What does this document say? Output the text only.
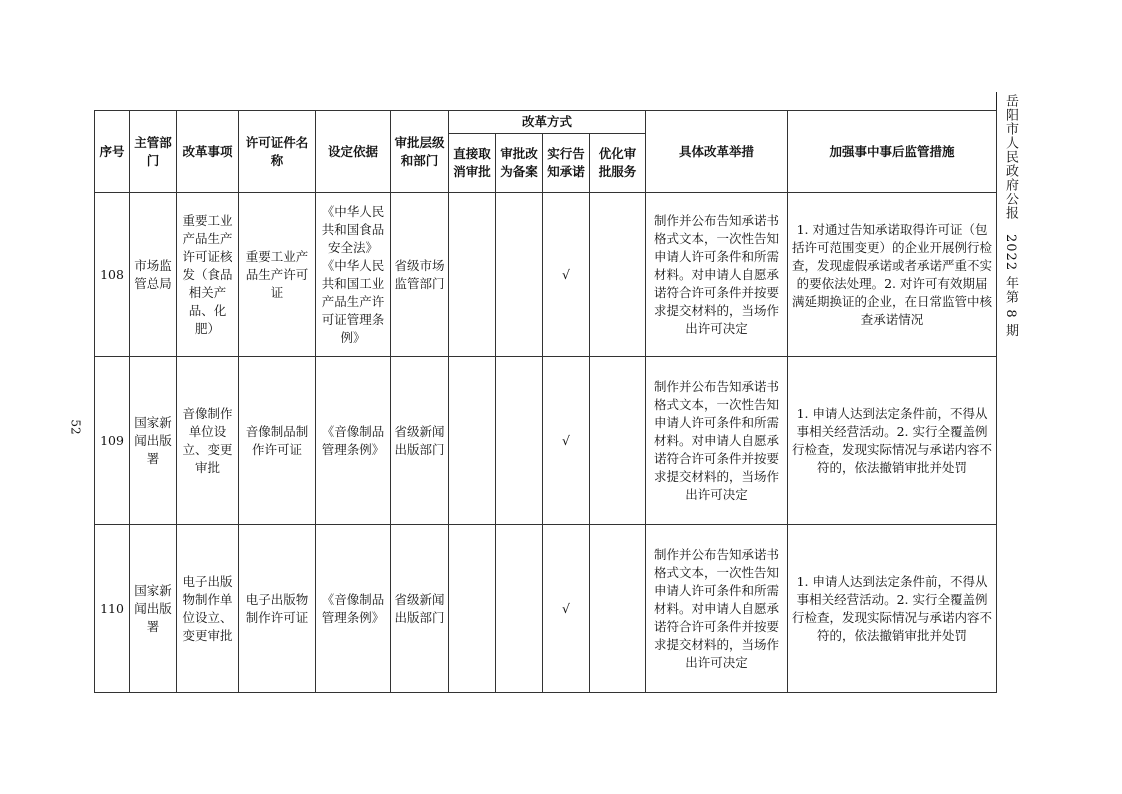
52
岳阳市人民政府公报2022 年第 8 期
序号	主管部门	改革事项	许可证件名称	设定依据	审批层级和部门	改革方式				具体改革举措	加强事中事后监管措施
						直接取消审批	审批改为备案	实行告知承诺	优化审批服务		
108	市场监管总局	重要工业产品生产许可证核发（食品相关产品、化肥）	重要工业产品生产许可证	《中华人民共和国食品安全法》《中华人民共和国工业产品生产许可证管理条例》	省级市场监管部门			√		制作并公布告知承诺书格式文本，一次性告知申请人许可条件和所需材料。对申请人自愿承诺符合许可条件并按要求提交材料的，当场作出许可决定	1. 对通过告知承诺取得许可证（包括许可范围变更）的企业开展例行检查，发现虚假承诺或者承诺严重不实的要依法处理。2. 对许可有效期届满延期换证的企业，在日常监管中核查承诺情况
109	国家新闻出版署	音像制作单位设立、变更审批	音像制品制作许可证	《音像制品管理条例》	省级新闻出版部门			√		制作并公布告知承诺书格式文本，一次性告知申请人许可条件和所需材料。对申请人自愿承诺符合许可条件并按要求提交材料的，当场作出许可决定	1. 申请人达到法定条件前，不得从事相关经营活动。2. 实行全覆盖例行检查，发现实际情况与承诺内容不符的，依法撤销审批并处罚
110	国家新闻出版署	电子出版物制作单位设立、变更审批	电子出版物制作许可证	《音像制品管理条例》	省级新闻出版部门			√		制作并公布告知承诺书格式文本，一次性告知申请人许可条件和所需材料。对申请人自愿承诺符合许可条件并按要求提交材料的，当场作出许可决定	1. 申请人达到法定条件前，不得从事相关经营活动。2. 实行全覆盖例行检查，发现实际情况与承诺内容不符的，依法撤销审批并处罚
